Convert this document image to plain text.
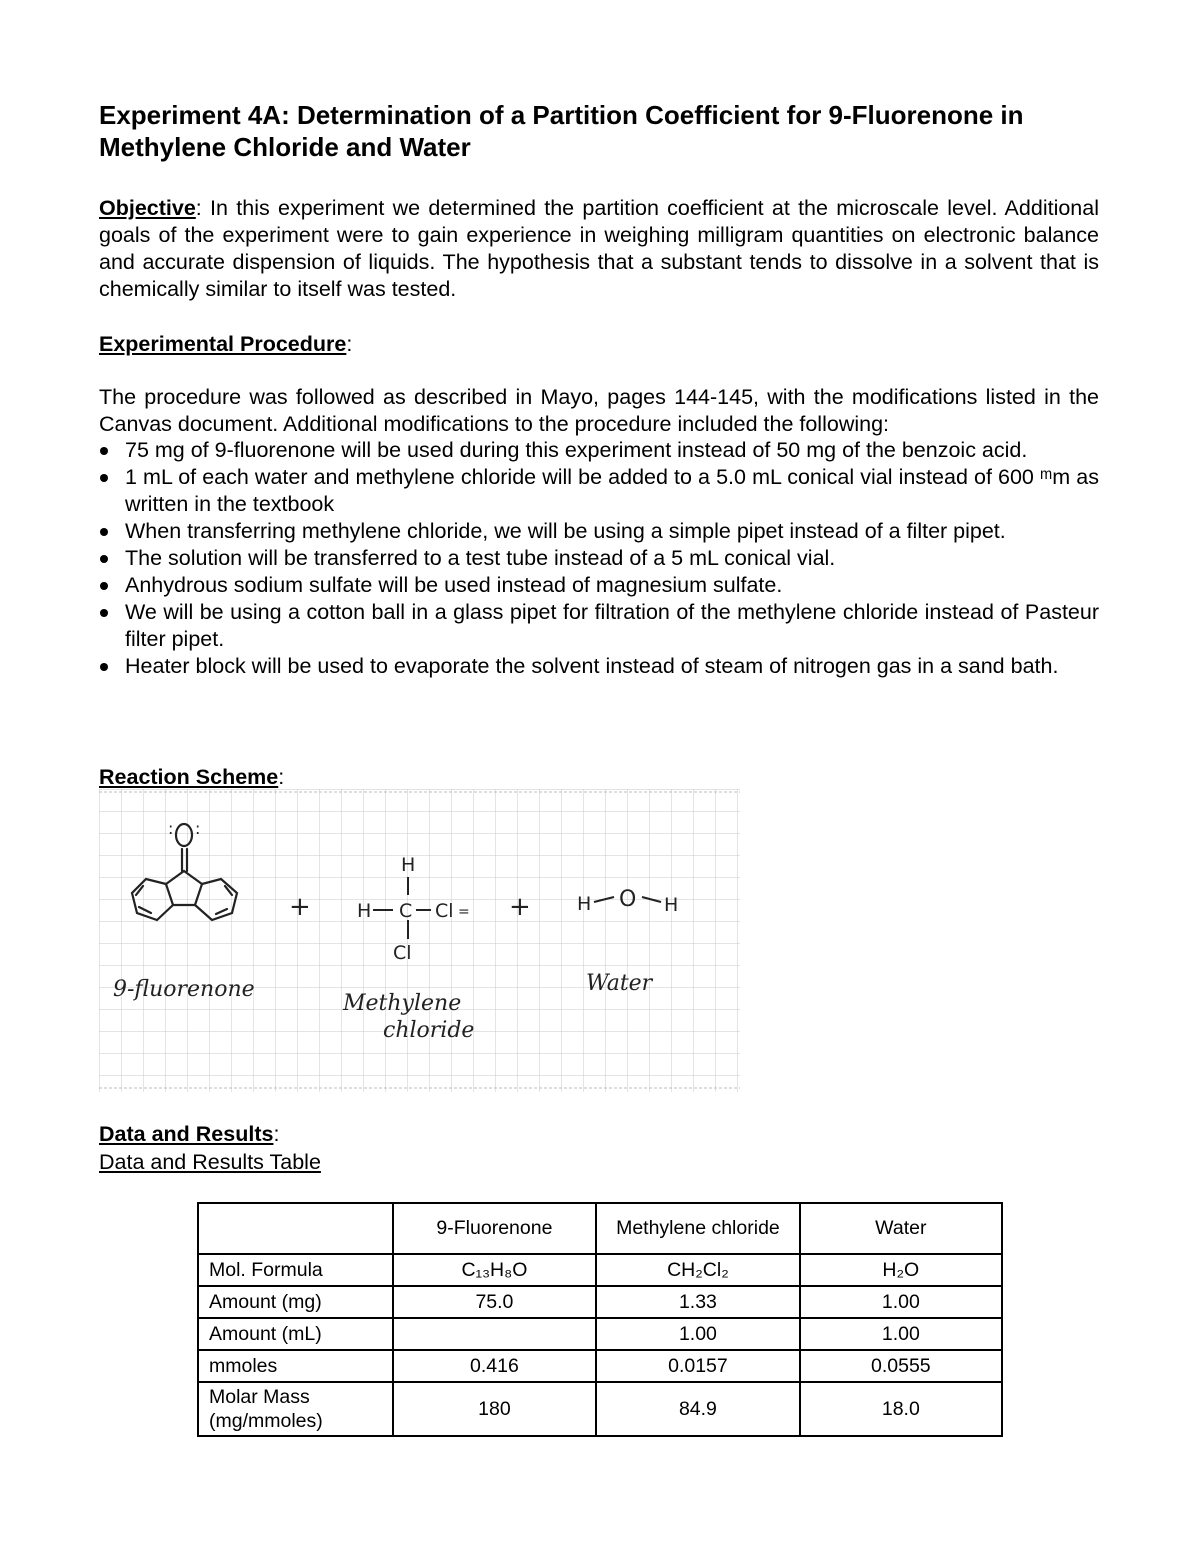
Experiment 4A: Determination of a Partition Coefficient for 9-Fluorenone in Methylene Chloride and Water

Objective: In this experiment we determined the partition coefficient at the microscale level. Additional goals of the experiment were to gain experience in weighing milligram quantities on electronic balance and accurate dispension of liquids. The hypothesis that a substant tends to dissolve in a solvent that is chemically similar to itself was tested.

Experimental Procedure:

The procedure was followed as described in Mayo, pages 144-145, with the modifications listed in the Canvas document. Additional modifications to the procedure included the following:

75 mg of 9-fluorenone will be used during this experiment instead of 50 mg of the benzoic acid.
1 mL of each water and methylene chloride will be added to a 5.0 mL conical vial instead of 600 ᵐm as written in the textbook
When transferring methylene chloride, we will be using a simple pipet instead of a filter pipet.
The solution will be transferred to a test tube instead of a 5 mL conical vial.
Anhydrous sodium sulfate will be used instead of magnesium sulfate.
We will be using a cotton ball in a glass pipet for filtration of the methylene chloride instead of Pasteur filter pipet.
Heater block will be used to evaporate the solvent instead of steam of nitrogen gas in a sand bath.

Reaction Scheme:

: :
+
H
H C Cl
Cl
= + H O H
9-fluorenone
Methylene
chloride
Water

Data and Results:

Data and Results Table

	9-Fluorenone	Methylene chloride	Water
Mol. Formula	C₁₃H₈O	CH₂Cl₂	H₂O
Amount (mg)	75.0	1.33	1.00
Amount (mL)		1.00	1.00
mmoles	0.416	0.0157	0.0555
Molar Mass (mg/mmoles)	180	84.9	18.0
